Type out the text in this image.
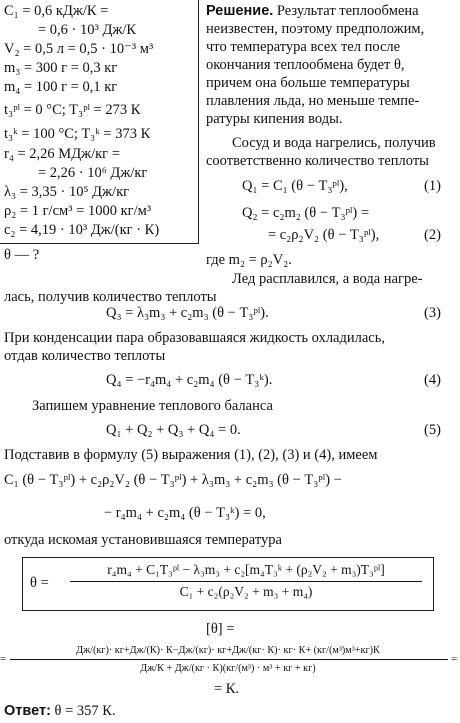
C₁ = 0,6 кДж/К =
= 0,6 · 10³ Дж/К
V₂ = 0,5 л = 0,5 · 10⁻³ м³
m₃ = 300 г = 0,3 кг
m₄ = 100 г = 0,1 кг
t₃ᵖˡ = 0 °C; T₃ᵖˡ = 273 К
t₃ᵏ = 100 °C; T₃ᵏ = 373 К
r₄ = 2,26 МДж/кг =
= 2,26 · 10⁶ Дж/кг
λ₃ = 3,35 · 10⁵ Дж/кг
ρ₂ = 1 г/см³ = 1000 кг/м³
c₂ = 4,19 · 10³ Дж/(кг · К)
θ — ?
Решение. Результат теплообмена
неизвестен, поэтому предположим,
что температура всех тел после
окончания теплообмена будет θ,
причем она больше температуры
плавления льда, но меньше темпе-
ратуры кипения воды.
Сосуд и вода нагрелись, получив
соответственно количество теплоты
Q₁ = C₁ (θ − T₃ᵖˡ),	(1)
Q₂ = c₂m₂ (θ − T₃ᵖˡ) =
= c₂ρ₂V₂ (θ − T₃ᵖˡ),	(2)
где m₂ = ρ₂V₂.
Лед расплавился, а вода нагре-
лась, получив количество теплоты
Q₃ = λ₃m₃ + c₂m₃ (θ − T₃ᵖˡ).	(3)
При конденсации пара образовавшаяся жидкость охладилась,
отдав количество теплоты
Q₄ = −r₄m₄ + c₂m₄ (θ − T₃ᵏ).	(4)
Запишем уравнение теплового баланса
Q₁ + Q₂ + Q₃ + Q₄ = 0.	(5)
Подставив в формулу (5) выражения (1), (2), (3) и (4), имеем
C₁ (θ − T₃ᵖˡ) + c₂ρ₂V₂ (θ − T₃ᵖˡ) + λ₃m₃ + c₂m₃ (θ − T₃ᵖˡ) −
− r₄m₄ + c₂m₄ (θ − T₃ᵏ) = 0,
откуда искомая установившаяся температура
θ =
r₄m₄ + C₁T₃ᵖˡ − λ₃m₃ + c₂[m₄T₃ᵏ + (ρ₂V₂ + m₃)T₃ᵖˡ]
C₁ + c₂(ρ₂V₂ + m₃ + m₄)
[θ] =
=
Дж/(кг)· кг+Дж/(К)· К−Дж/(кг)· кг+Дж/(кг· К)· кг· К+ (кг/(м³)м³+кг)К
Дж/К + Дж/(кг · К)(кг/(м³) · м³ + кг + кг)
=
= К.
Ответ: θ = 357 К.
